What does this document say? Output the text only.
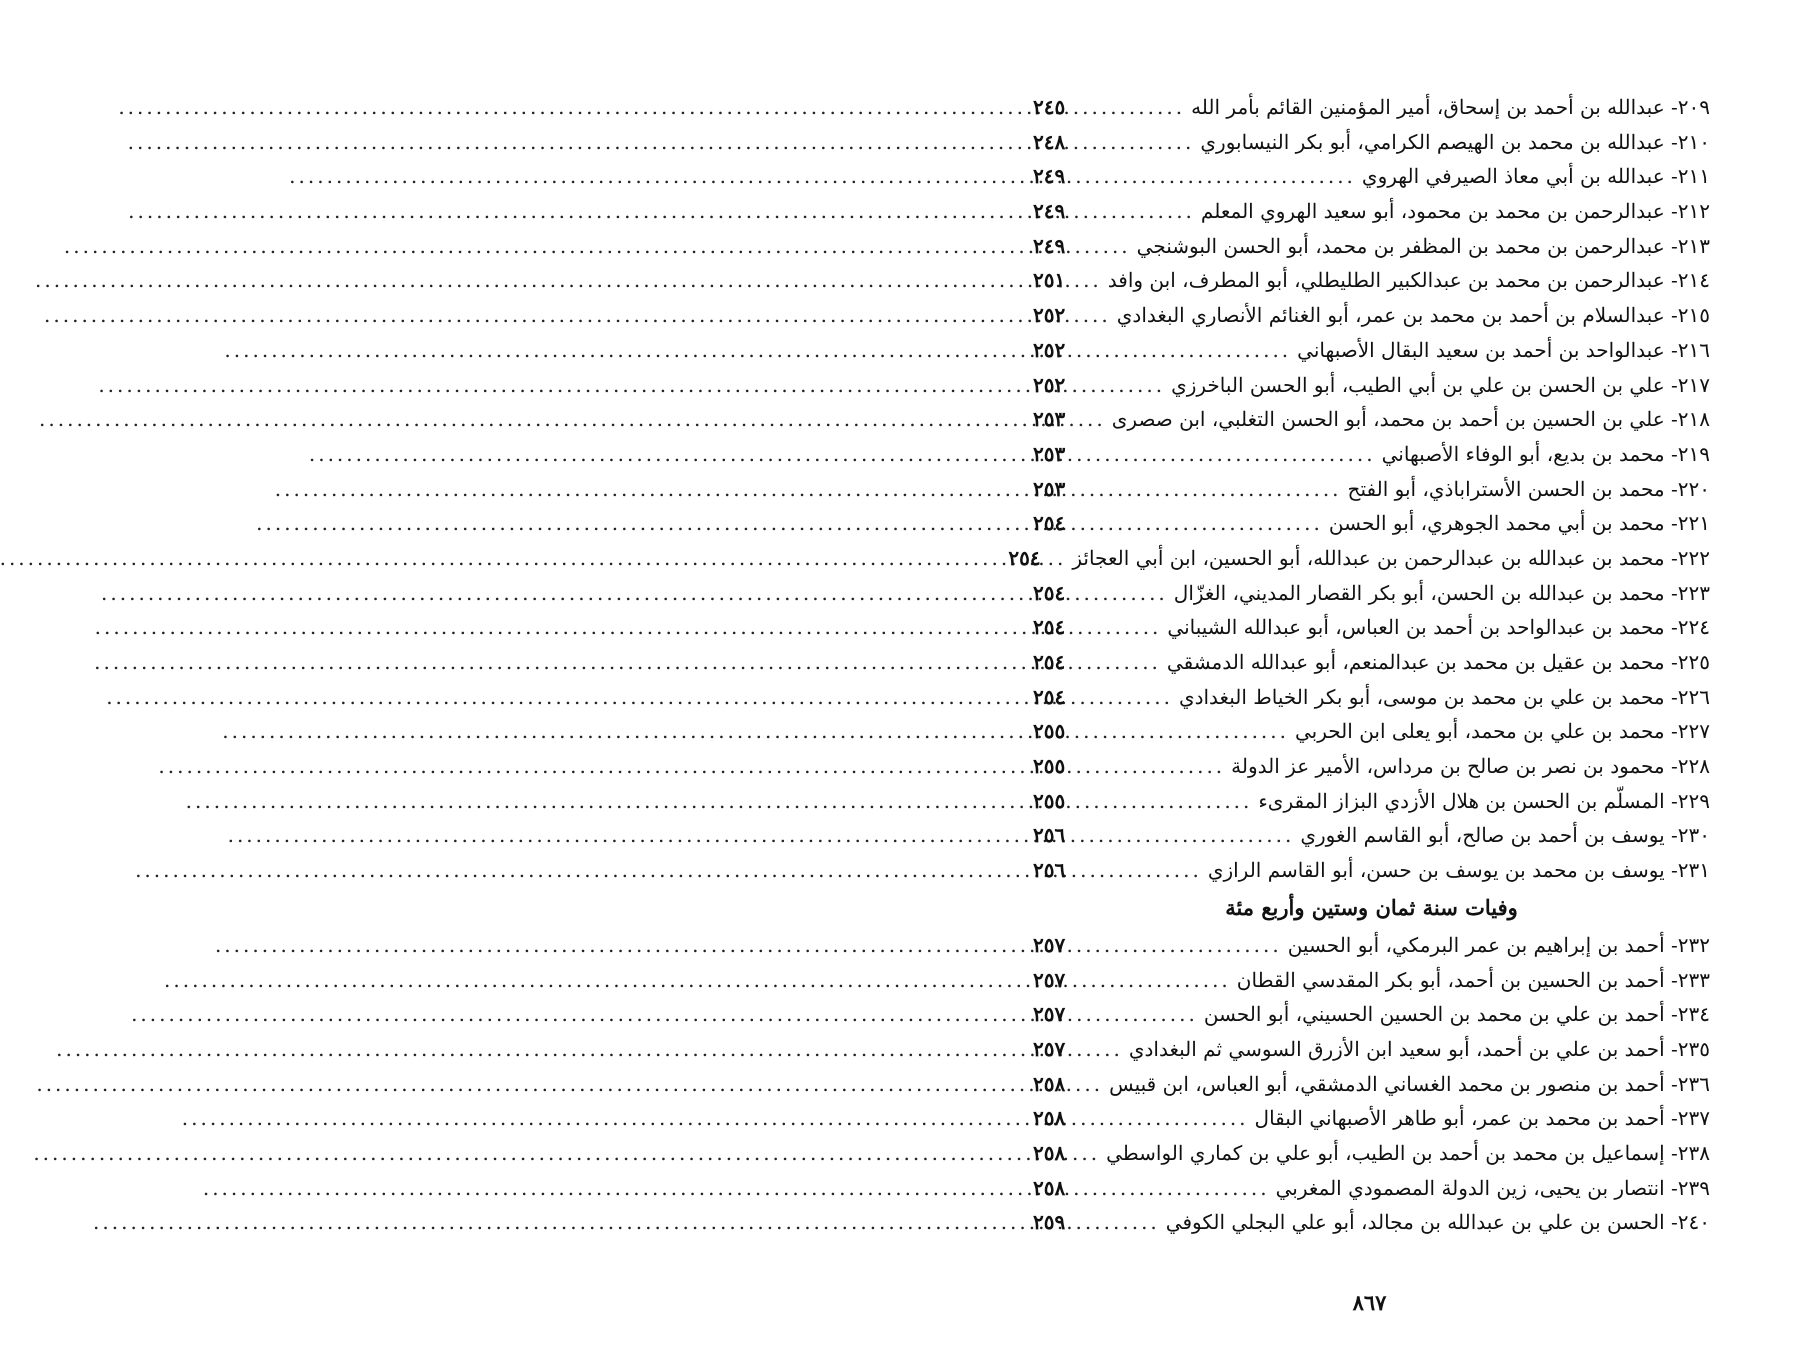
٢٠٩- عبدالله بن أحمد بن إسحاق، أمير المؤمنين القائم بأمر الله
.....
٢٤٥
٢١٠- عبدالله بن محمد بن الهيصم الكرامي، أبو بكر النيسابوري
.....
٢٤٨
٢١١- عبدالله بن أبي معاذ الصيرفي الهروي
.....
٢٤٩
٢١٢- عبدالرحمن بن محمد بن محمود، أبو سعيد الهروي المعلم
.....
٢٤٩
٢١٣- عبدالرحمن بن محمد بن المظفر بن محمد، أبو الحسن البوشنجي
.....
٢٤٩
٢١٤- عبدالرحمن بن محمد بن عبدالكبير الطليطلي، أبو المطرف، ابن وافد
.....
٢٥١
٢١٥- عبدالسلام بن أحمد بن محمد بن عمر، أبو الغنائم الأنصاري البغدادي
.....
٢٥٢
٢١٦- عبدالواحد بن أحمد بن سعيد البقال الأصبهاني
.....
٢٥٢
٢١٧- علي بن الحسن بن علي بن أبي الطيب، أبو الحسن الباخرزي
.....
٢٥٢
٢١٨- علي بن الحسين بن أحمد بن محمد، أبو الحسن التغلبي، ابن صصرى
.....
٢٥٣
٢١٩- محمد بن بديع، أبو الوفاء الأصبهاني
.....
٢٥٣
٢٢٠- محمد بن الحسن الأستراباذي، أبو الفتح
.....
٢٥٣
٢٢١- محمد بن أبي محمد الجوهري، أبو الحسن
.....
٢٥٤
٢٢٢- محمد بن عبدالله بن عبدالرحمن بن عبدالله، أبو الحسين، ابن أبي العجائز
.....
٢٥٤
٢٢٣- محمد بن عبدالله بن الحسن، أبو بكر القصار المديني، الغزّال
.....
٢٥٤
٢٢٤- محمد بن عبدالواحد بن أحمد بن العباس، أبو عبدالله الشيباني
.....
٢٥٤
٢٢٥- محمد بن عقيل بن محمد بن عبدالمنعم، أبو عبدالله الدمشقي
.....
٢٥٤
٢٢٦- محمد بن علي بن محمد بن موسى، أبو بكر الخياط البغدادي
.....
٢٥٤
٢٢٧- محمد بن علي بن محمد، أبو يعلى ابن الحربي
.....
٢٥٥
٢٢٨- محمود بن نصر بن صالح بن مرداس، الأمير عز الدولة
.....
٢٥٥
٢٢٩- المسلّم بن الحسن بن هلال الأزدي البزاز المقرىء
.....
٢٥٥
٢٣٠- يوسف بن أحمد بن صالح، أبو القاسم الغوري
.....
٢٥٦
٢٣١- يوسف بن محمد بن يوسف بن حسن، أبو القاسم الرازي
.....
٢٥٦
وفيات سنة ثمان وستين وأربع مئة
٢٣٢- أحمد بن إبراهيم بن عمر البرمكي، أبو الحسين
.....
٢٥٧
٢٣٣- أحمد بن الحسين بن أحمد، أبو بكر المقدسي القطان
.....
٢٥٧
٢٣٤- أحمد بن علي بن محمد بن الحسين الحسيني، أبو الحسن
.....
٢٥٧
٢٣٥- أحمد بن علي بن أحمد، أبو سعيد ابن الأزرق السوسي ثم البغدادي
.....
٢٥٧
٢٣٦- أحمد بن منصور بن محمد الغساني الدمشقي، أبو العباس، ابن قبيس
.....
٢٥٨
٢٣٧- أحمد بن محمد بن عمر، أبو طاهر الأصبهاني البقال
.....
٢٥٨
٢٣٨- إسماعيل بن محمد بن أحمد بن الطيب، أبو علي بن كماري الواسطي
.....
٢٥٨
٢٣٩- انتصار بن يحيى، زين الدولة المصمودي المغربي
.....
٢٥٨
٢٤٠- الحسن بن علي بن عبدالله بن مجالد، أبو علي البجلي الكوفي
.....
٢٥٩
٨٦٧
